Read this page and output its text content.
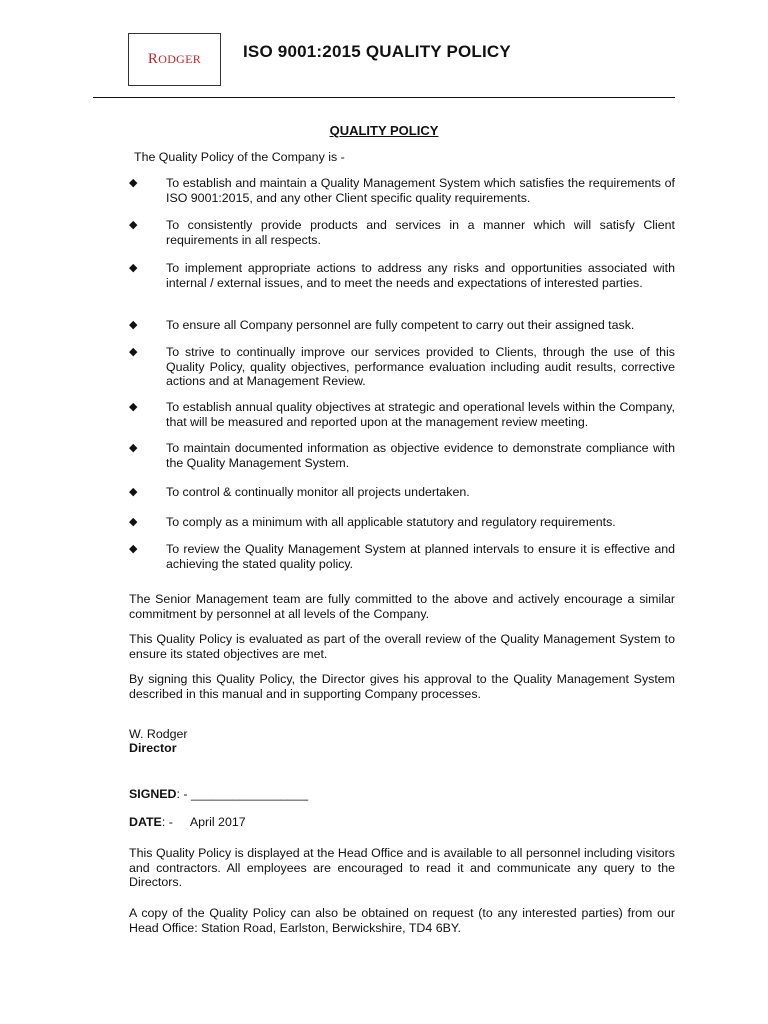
RODGER ISO 9001:2015 QUALITY POLICY
QUALITY POLICY
The Quality Policy of the Company is -
◆	To establish and maintain a Quality Management System which satisfies the requirements of ISO 9001:2015, and any other Client specific quality requirements.
◆	To consistently provide products and services in a manner which will satisfy Client requirements in all respects.
◆	To implement appropriate actions to address any risks and opportunities associated with internal / external issues, and to meet the needs and expectations of interested parties.
◆	To ensure all Company personnel are fully competent to carry out their assigned task.
◆	To strive to continually improve our services provided to Clients, through the use of this Quality Policy, quality objectives, performance evaluation including audit results, corrective actions and at Management Review.
◆	To establish annual quality objectives at strategic and operational levels within the Company, that will be measured and reported upon at the management review meeting.
◆	To maintain documented information as objective evidence to demonstrate compliance with the Quality Management System.
◆	To control & continually monitor all projects undertaken.
◆	To comply as a minimum with all applicable statutory and regulatory requirements.
◆	To review the Quality Management System at planned intervals to ensure it is effective and achieving the stated quality policy.
The Senior Management team are fully committed to the above and actively encourage a similar commitment by personnel at all levels of the Company.
This Quality Policy is evaluated as part of the overall review of the Quality Management System to ensure its stated objectives are met.
By signing this Quality Policy, the Director gives his approval to the Quality Management System described in this manual and in supporting Company processes.
W. Rodger
Director
SIGNED: - _________________
DATE: - April 2017
This Quality Policy is displayed at the Head Office and is available to all personnel including visitors and contractors. All employees are encouraged to read it and communicate any query to the Directors.
A copy of the Quality Policy can also be obtained on request (to any interested parties) from our Head Office: Station Road, Earlston, Berwickshire, TD4 6BY.
